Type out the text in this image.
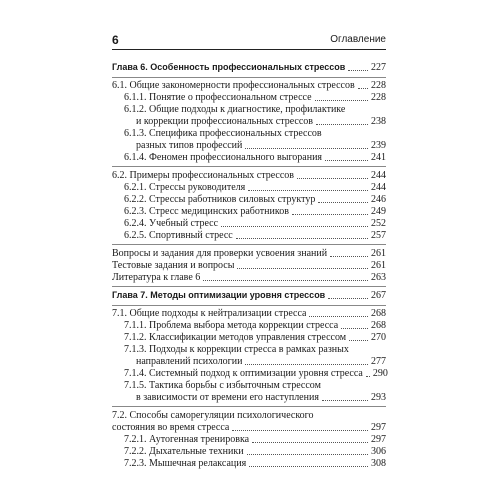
6	Оглавление
Глава 6. Особенность профессиональных стрессов	227
6.1. Общие закономерности профессиональных стрессов 228
6.1.1. Понятие о профессиональном стрессе	228
6.1.2. Общие подходы к диагностике, профилактике
и коррекции профессиональных стрессов	238
6.1.3. Специфика профессиональных стрессов
разных типов профессий	239
6.1.4. Феномен профессионального выгорания	241
6.2. Примеры профессиональных стрессов	244
6.2.1. Стрессы руководителя	244
6.2.2. Стрессы работников силовых структур	246
6.2.3. Стресс медицинских работников	249
6.2.4. Учебный стресс	252
6.2.5. Спортивный стресс	257
Вопросы и задания для проверки усвоения знаний	261
Тестовые задания и вопросы	261
Литература к главе 6	263
Глава 7. Методы оптимизации уровня стрессов	267
7.1. Общие подходы к нейтрализации стресса	268
7.1.1. Проблема выбора метода коррекции стресса	268
7.1.2. Классификации методов управления стрессом 270
7.1.3. Подходы к коррекции стресса в рамках разных
направлений психологии	277
7.1.4. Системный подход к оптимизации уровня стресса 290
7.1.5. Тактика борьбы с избыточным стрессом
в зависимости от времени его наступления	293
7.2. Способы саморегуляции психологического
состояния во время стресса	297
7.2.1. Аутогенная тренировка	297
7.2.2. Дыхательные техники	306
7.2.3. Мышечная релаксация	308
